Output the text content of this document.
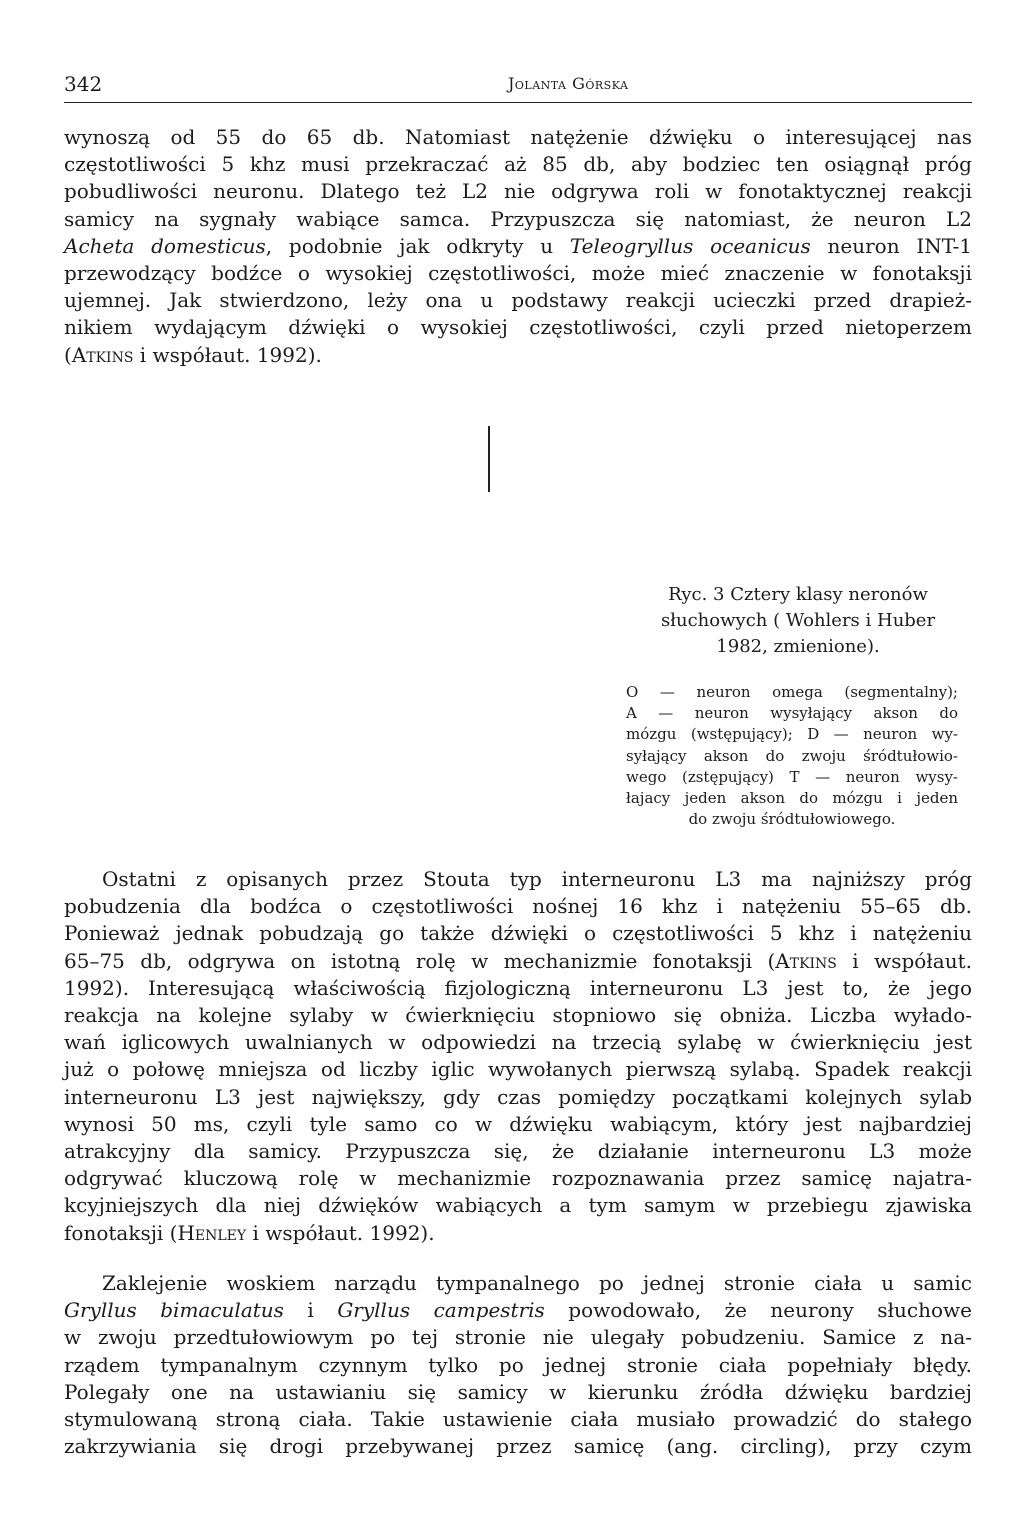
342	Jolanta Górska
wynoszą od 55 do 65 db. Natomiast natężenie dźwięku o interesującej nas
częstotliwości 5 khz musi przekraczać aż 85 db, aby bodziec ten osiągnął próg
pobudliwości neuronu. Dlatego też L2 nie odgrywa roli w fonotaktycznej reakcji
samicy na sygnały wabiące samca. Przypuszcza się natomiast, że neuron L2
Acheta domesticus, podobnie jak odkryty u Teleogryllus oceanicus neuron INT-1
przewodzący bodźce o wysokiej częstotliwości, może mieć znaczenie w fonotaksji
ujemnej. Jak stwierdzono, leży ona u podstawy reakcji ucieczki przed drapież-
nikiem wydającym dźwięki o wysokiej częstotliwości, czyli przed nietoperzem
(Atkins i współaut. 1992).
Ryc. 3 Cztery klasy neronów
słuchowych ( Wohlers i Huber
1982, zmienione).
O — neuron omega (segmentalny);
A — neuron wysyłający akson do
mózgu (wstępujący); D — neuron wy-
syłający akson do zwoju śródtułowio-
wego (zstępujący) T — neuron wysy-
łajacy jeden akson do mózgu i jeden
do zwoju śródtułowiowego.
Ostatni z opisanych przez Stouta typ interneuronu L3 ma najniższy próg
pobudzenia dla bodźca o częstotliwości nośnej 16 khz i natężeniu 55–65 db.
Ponieważ jednak pobudzają go także dźwięki o częstotliwości 5 khz i natężeniu
65–75 db, odgrywa on istotną rolę w mechanizmie fonotaksji (Atkins i współaut.
1992). Interesującą właściwością fizjologiczną interneuronu L3 jest to, że jego
reakcja na kolejne sylaby w ćwierknięciu stopniowo się obniża. Liczba wyłado-
wań iglicowych uwalnianych w odpowiedzi na trzecią sylabę w ćwierknięciu jest
już o połowę mniejsza od liczby iglic wywołanych pierwszą sylabą. Spadek reakcji
interneuronu L3 jest największy, gdy czas pomiędzy początkami kolejnych sylab
wynosi 50 ms, czyli tyle samo co w dźwięku wabiącym, który jest najbardziej
atrakcyjny dla samicy. Przypuszcza się, że działanie interneuronu L3 może
odgrywać kluczową rolę w mechanizmie rozpoznawania przez samicę najatra-
kcyjniejszych dla niej dźwięków wabiących a tym samym w przebiegu zjawiska
fonotaksji (Henley i współaut. 1992).
Zaklejenie woskiem narządu tympanalnego po jednej stronie ciała u samic
Gryllus bimaculatus i Gryllus campestris powodowało, że neurony słuchowe
w zwoju przedtułowiowym po tej stronie nie ulegały pobudzeniu. Samice z na-
rządem tympanalnym czynnym tylko po jednej stronie ciała popełniały błędy.
Polegały one na ustawianiu się samicy w kierunku źródła dźwięku bardziej
stymulowaną stroną ciała. Takie ustawienie ciała musiało prowadzić do stałego
zakrzywiania się drogi przebywanej przez samicę (ang. circling), przy czym
